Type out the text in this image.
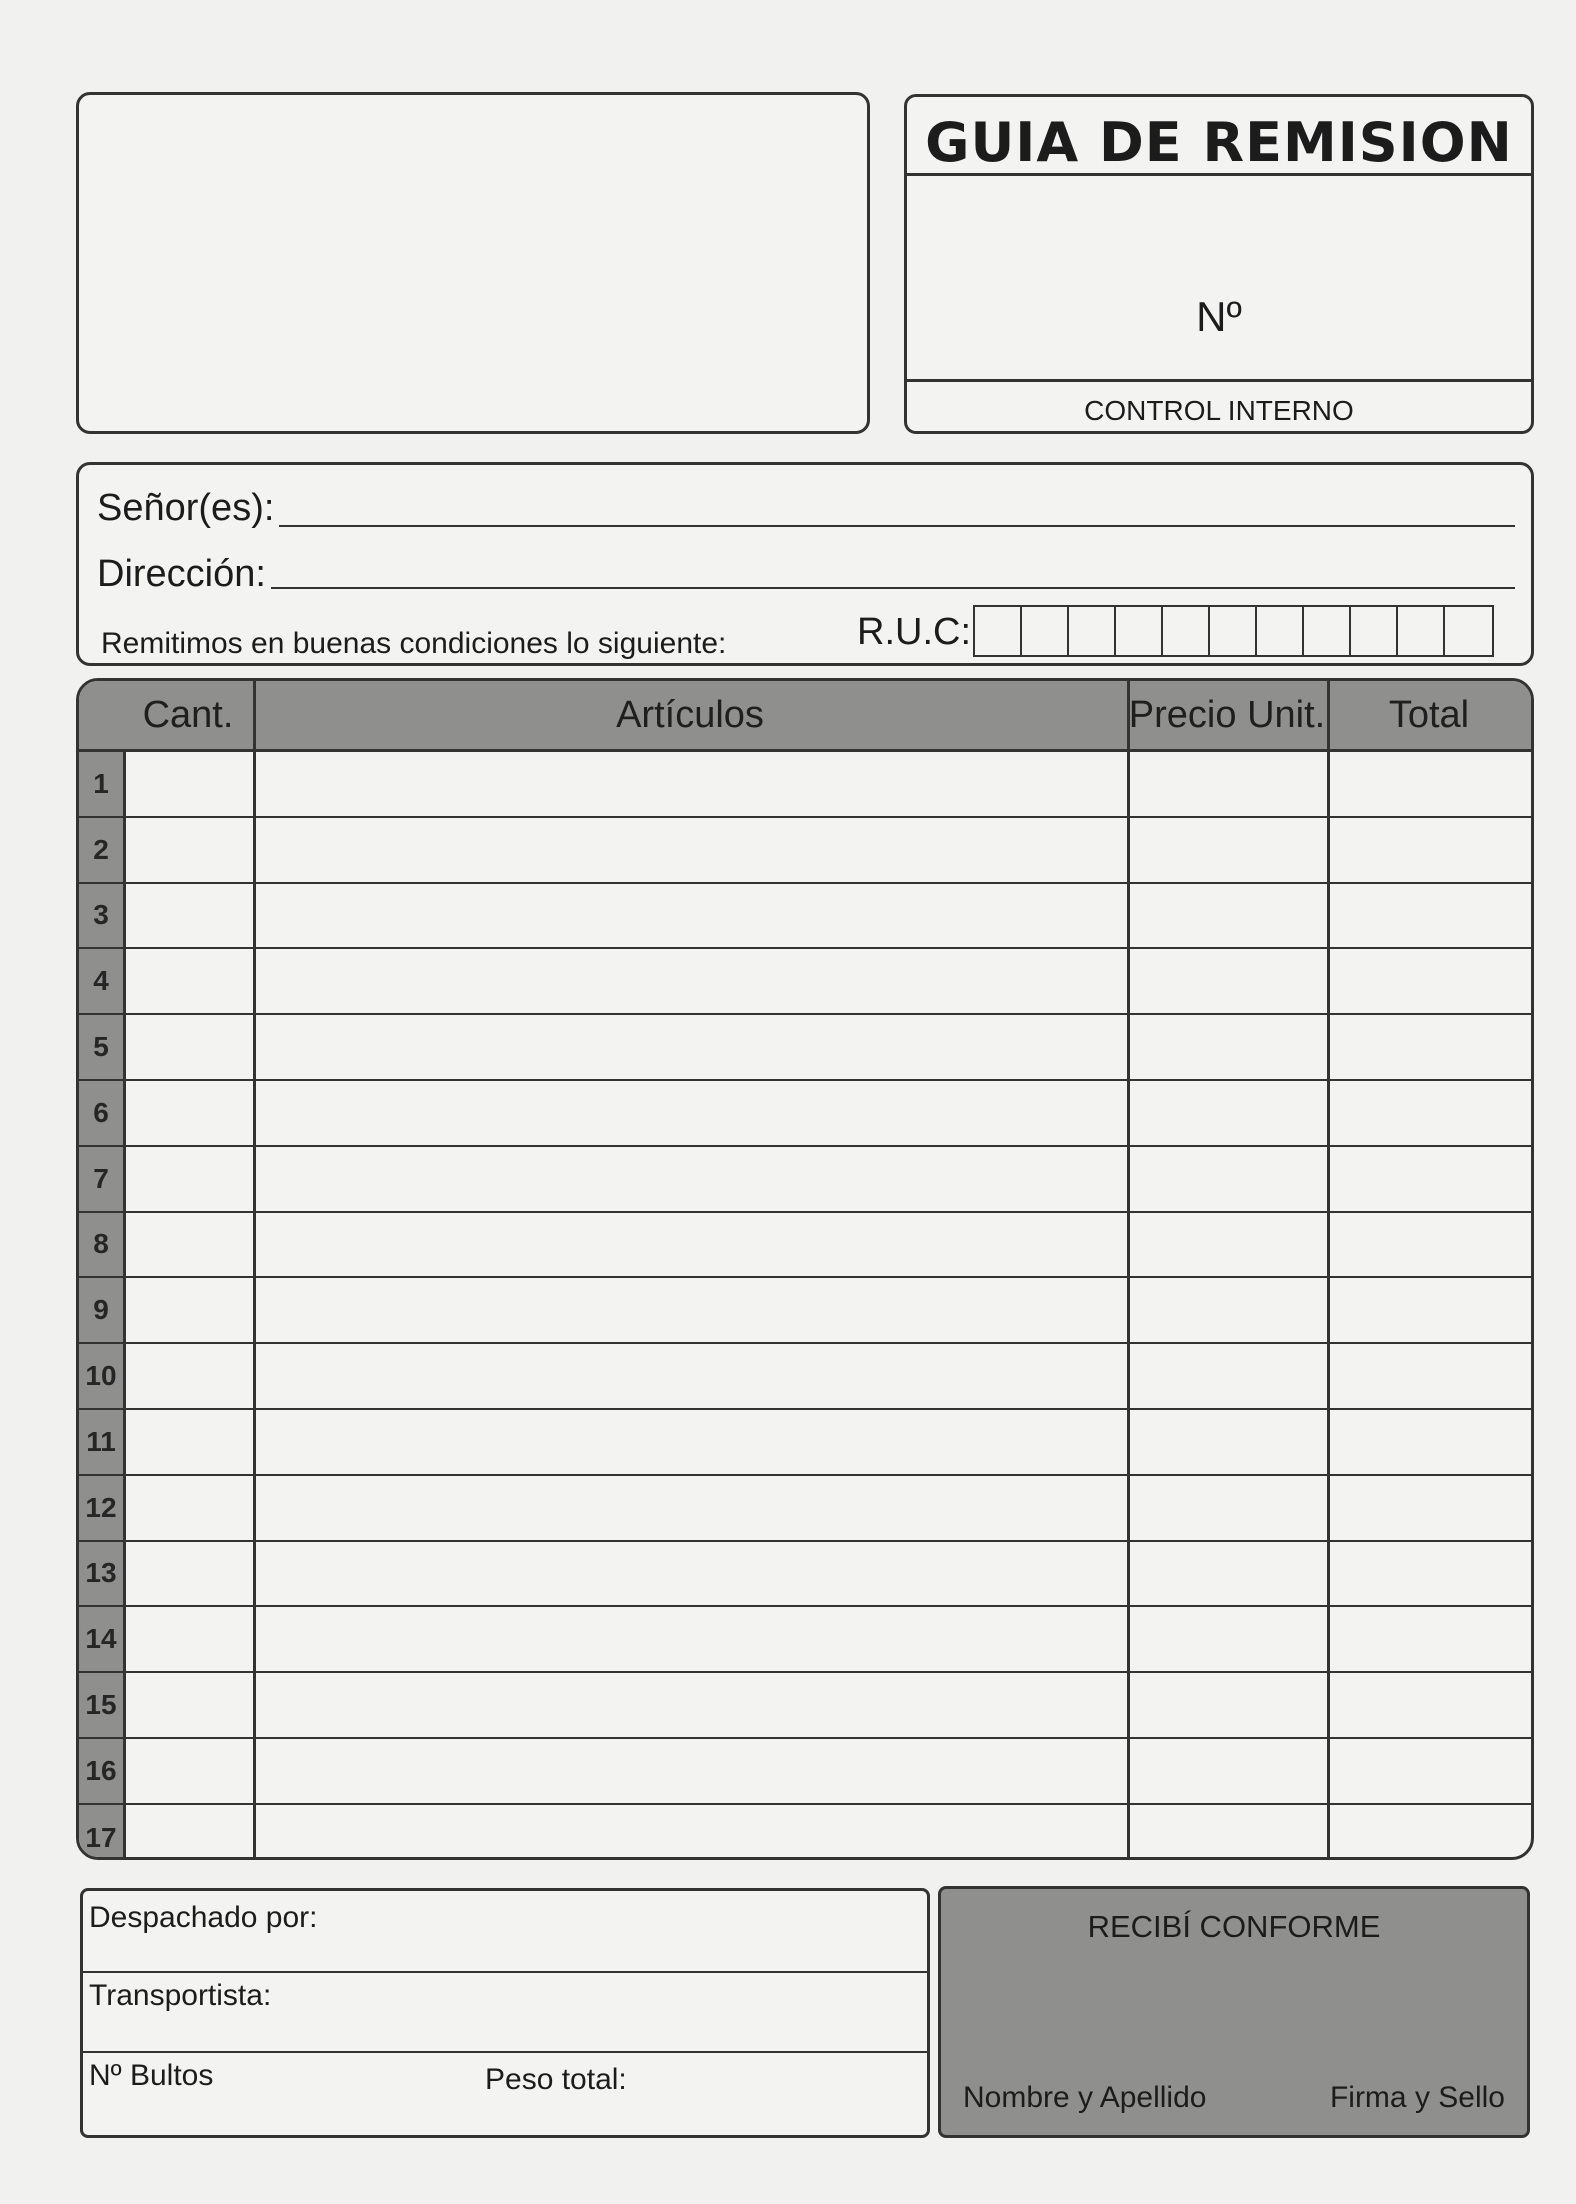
GUIA DE REMISION
Nº
CONTROL INTERNO
Señor(es):
Dirección:
Remitimos en buenas condiciones lo siguiente:	R.U.C:
Cant.	Artículos	Precio Unit.	Total
1
2
3
4
5
6
7
8
9
10
11
12
13
14
15
16
17
Despachado por:
Transportista:
Nº Bultos	Peso total:
RECIBÍ CONFORME
Nombre y Apellido	Firma y Sello
